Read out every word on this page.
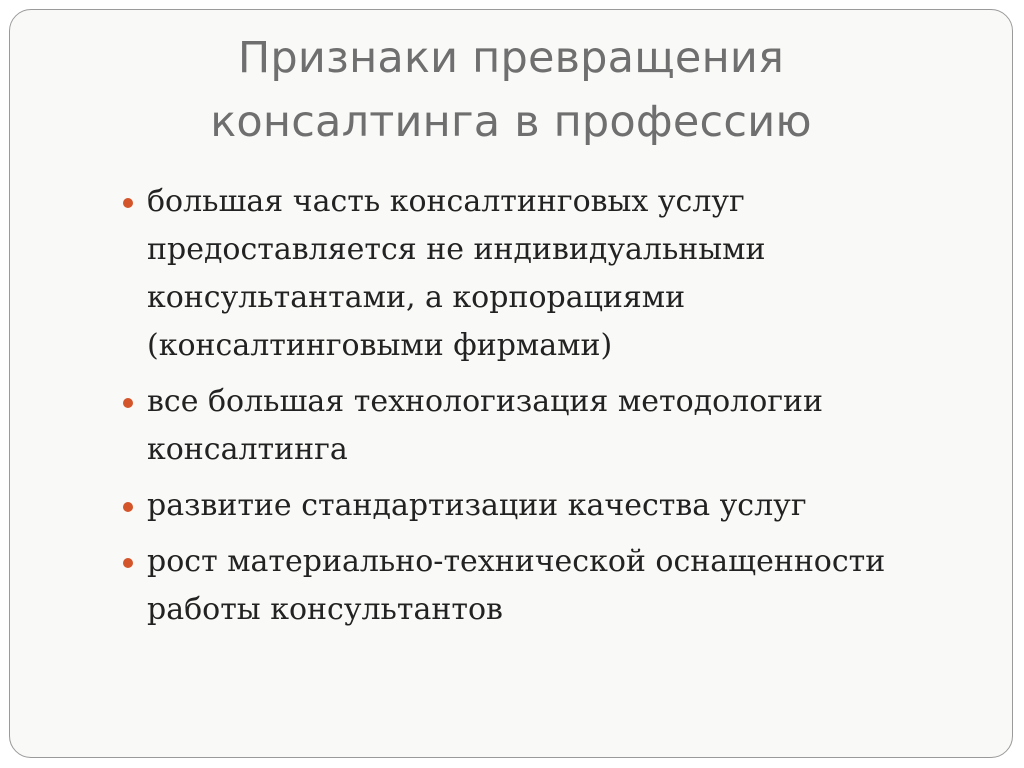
Признаки превращения
консалтинга в профессию
большая часть консалтинговых услуг предоставляется не индивидуальными консультантами, а корпорациями (консалтинговыми фирмами)
все большая технологизация методологии консалтинга
развитие стандартизации качества услуг
рост материально-технической оснащенности работы консультантов
